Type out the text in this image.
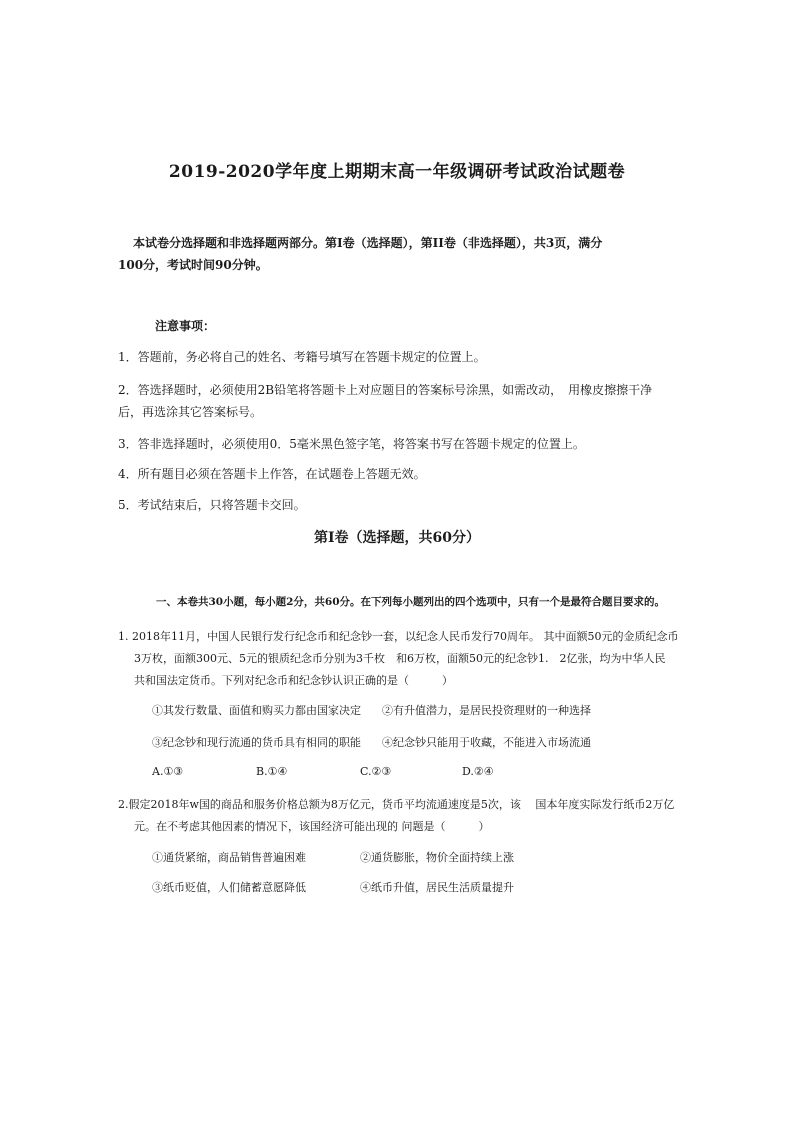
2019-2020学年度上期期末高一年级调研考试政治试题卷
本试卷分选择题和非选择题两部分。第Ⅰ卷（选择题），第II卷（非选择题），共3页，满分
100分，考试时间90分钟。
注意事项：
1．答题前，务必将自己的姓名、考籍号填写在答题卡规定的位置上。
2．答选择题时，必须使用2B铅笔将答题卡上对应题目的答案标号涂黑，如需改动，　用橡皮擦擦干净
后，再选涂其它答案标号。
3．答非选择题时，必须使用0．5毫米黑色签字笔，将答案书写在答题卡规定的位置上。
4．所有题目必须在答题卡上作答，在试题卷上答题无效。
5．考试结束后，只将答题卡交回。
第Ⅰ卷（选择题，共60分）
一、本卷共30小题，每小题2分，共60分。在下列每小题列出的四个选项中，只有一个是最符合题目要求的。
1. 2018年11月，中国人民银行发行纪念币和纪念钞一套，以纪念人民币发行70周年。 其中面额50元的金质纪念币
3万枚，面额300元、5元的银质纪念币分别为3千枚　和6万枚，面额50元的纪念钞1.　2亿张，均为中华人民
共和国法定货币。下列对纪念币和纪念钞认识正确的是（　　　）
①其发行数量、面值和购买力都由国家决定 ②有升值潜力，是居民投资理财的一种选择
③纪念钞和现行流通的货币具有相同的职能 ④纪念钞只能用于收藏，不能进入市场流通
A.①③	B.①④	C.②③	D.②④
2.假定2018年w国的商品和服务价格总额为8万亿元，货币平均流通速度是5次，该　 国本年度实际发行纸币2万亿
元。在不考虑其他因素的情况下，该国经济可能出现的 问题是（　　　）
①通货紧缩，商品销售普遍困难	②通货膨胀，物价全面持续上涨
③纸币贬值，人们储蓄意愿降低	④纸币升值，居民生活质量提升
